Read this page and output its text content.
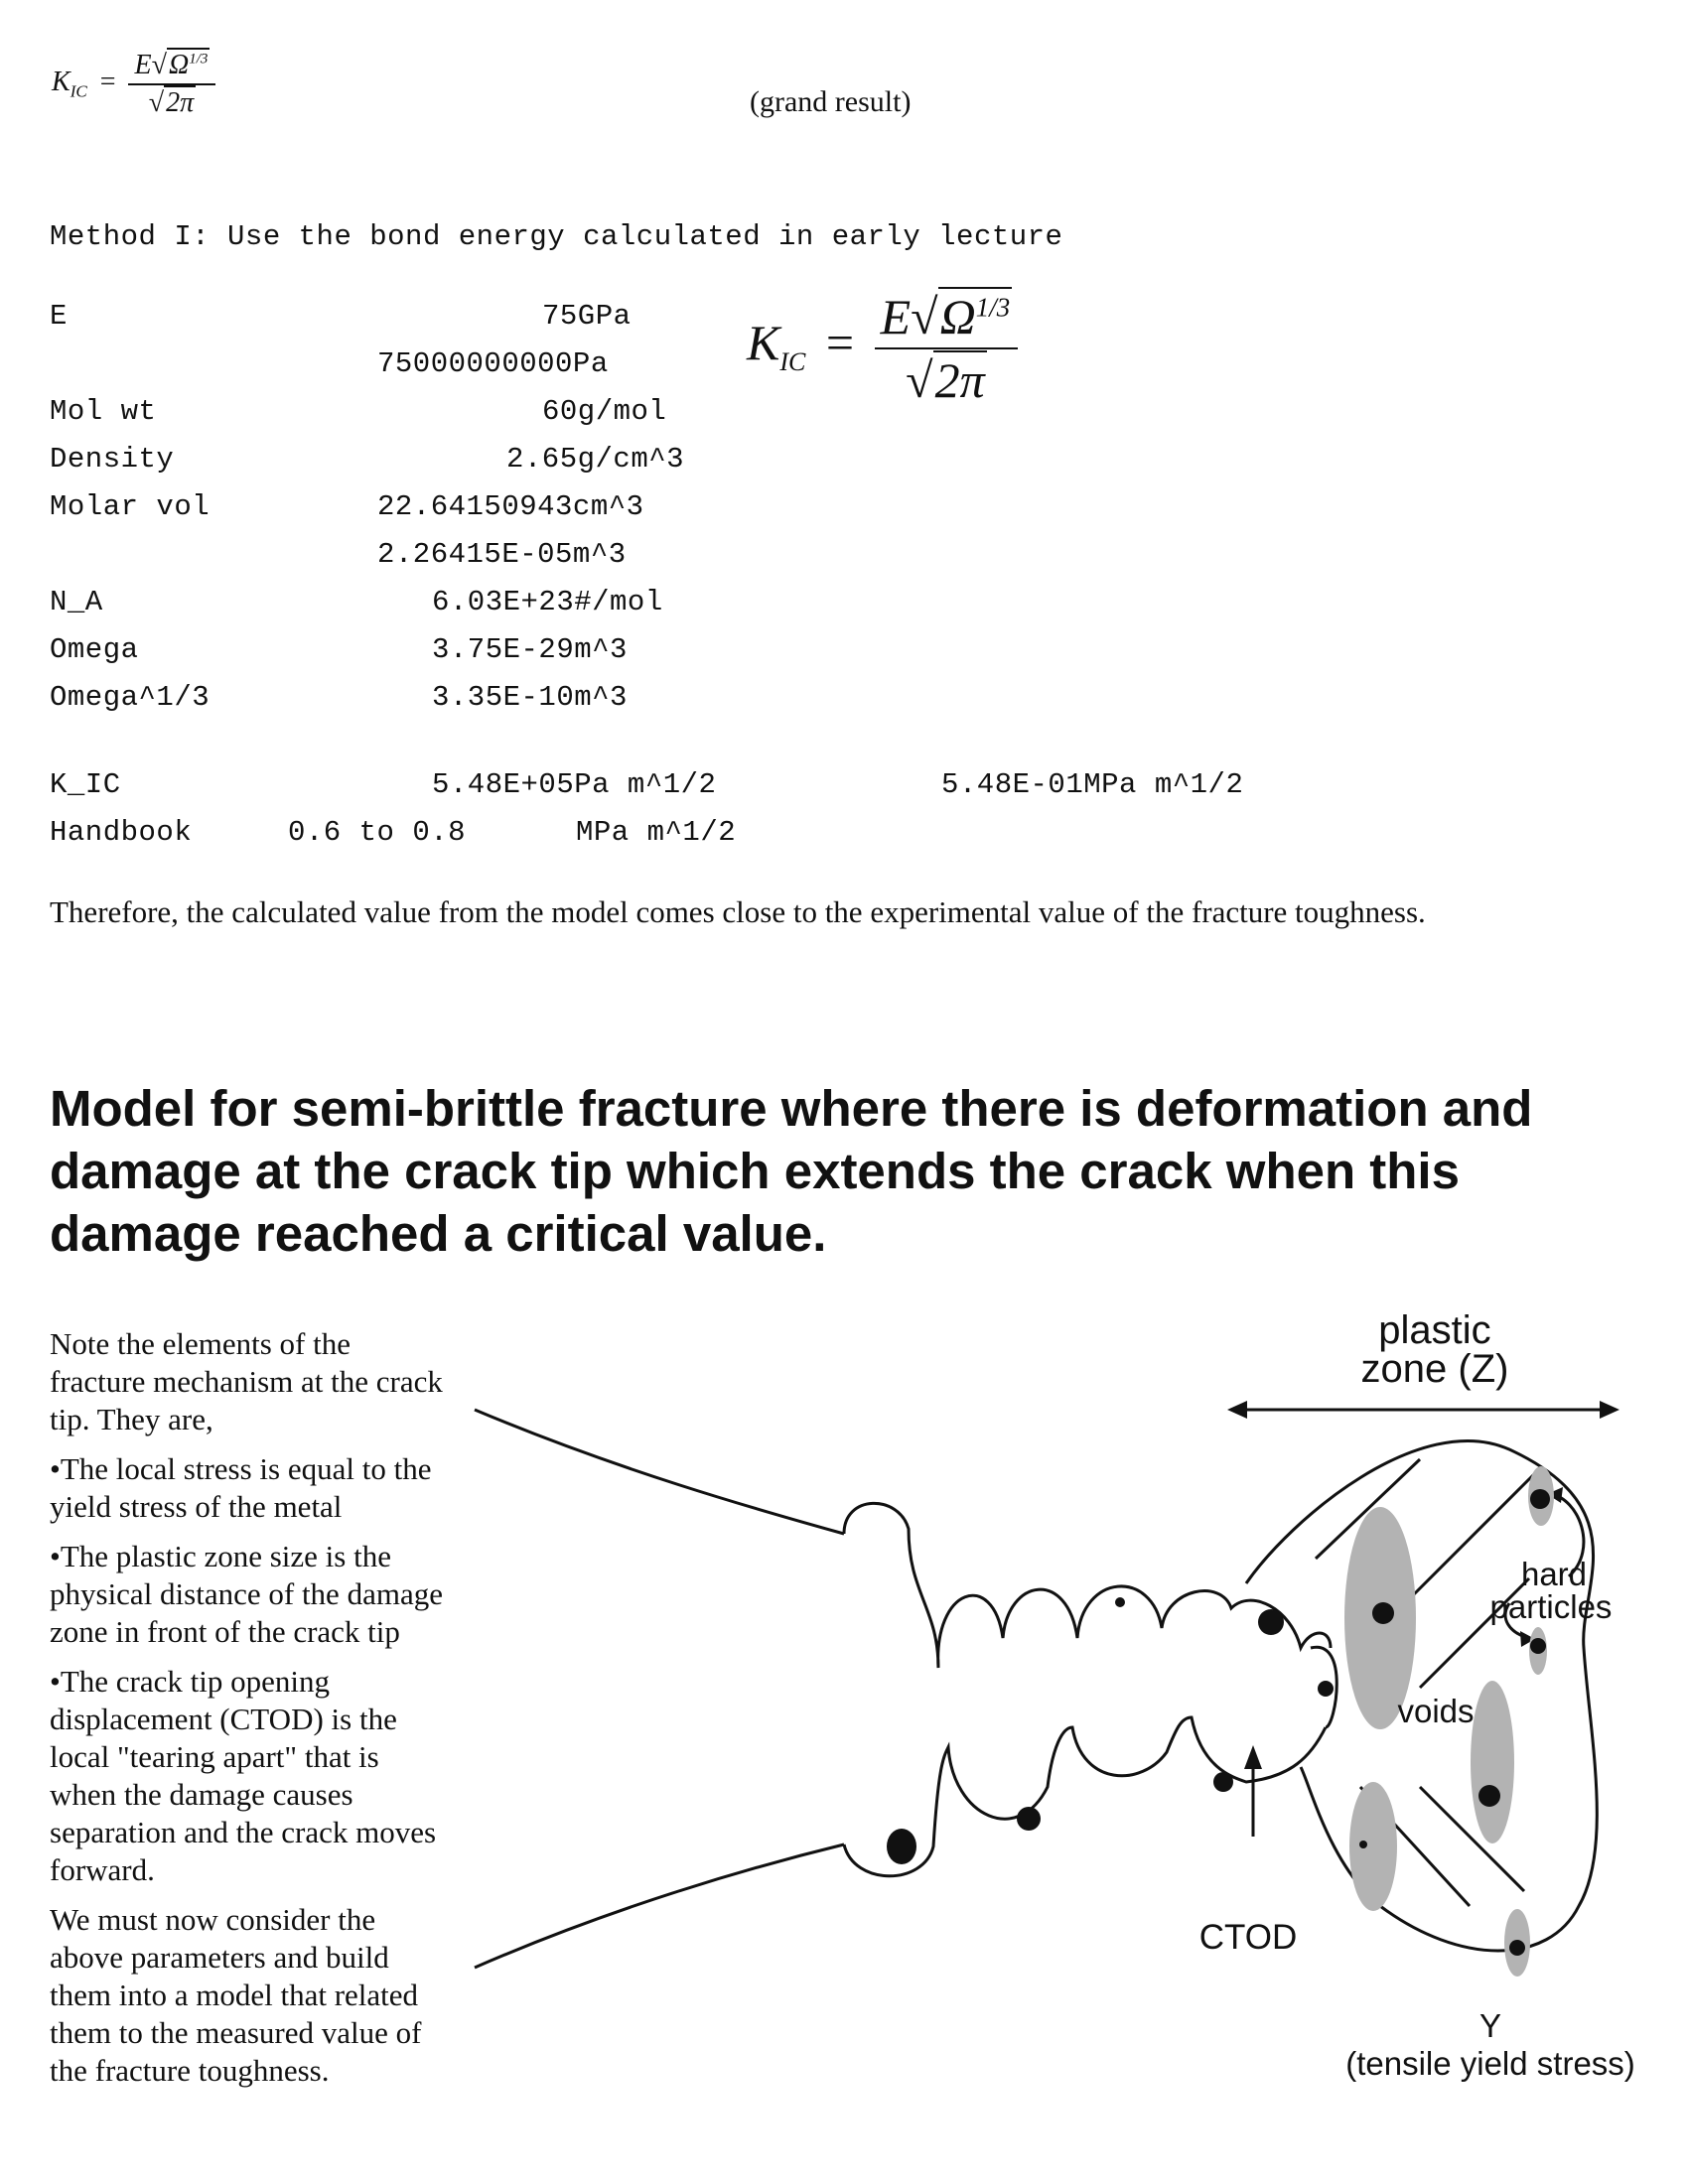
$K_{IC} = \frac{E√\Omega^{1/3}}{√2\pi}$	(grand result)
Method I: Use the bond energy calculated in early lecture
E	75GPa
75000000000Pa
Mol wt	60g/mol
Density	2.65g/cm^3
Molar vol	22.64150943cm^3
2.26415E-05m^3
N_A	6.03E+23#/mol
Omega	3.75E-29m^3
Omega^1/3	3.35E-10m^3
K_IC	5.48E+05Pa m^1/2	5.48E-01MPa m^1/2
Handbook	0.6 to 0.8	MPa m^1/2
$K_{IC} = \frac{E√\Omega^{1/3}}{√2\pi}$
Therefore, the calculated value from the model comes close to the experimental value of the fracture toughness.
Model for semi-brittle fracture where there is deformation and damage at the crack tip which extends the crack when this damage reached a critical value.

Note the elements of the fracture mechanism at the crack tip. They are,

•The local stress is equal to the yield stress of the metal

•The plastic zone size is the physical distance of the damage zone in front of the crack tip

•The crack tip opening displacement (CTOD) is the local "tearing apart" that is when the damage causes separation and the crack moves forward.

We must now consider the above parameters and build them into a model that related them to the measured value of the fracture toughness.

plastic
zone (Z)
hard
particles
voids
CTOD
Y
(tensile yield stress)
